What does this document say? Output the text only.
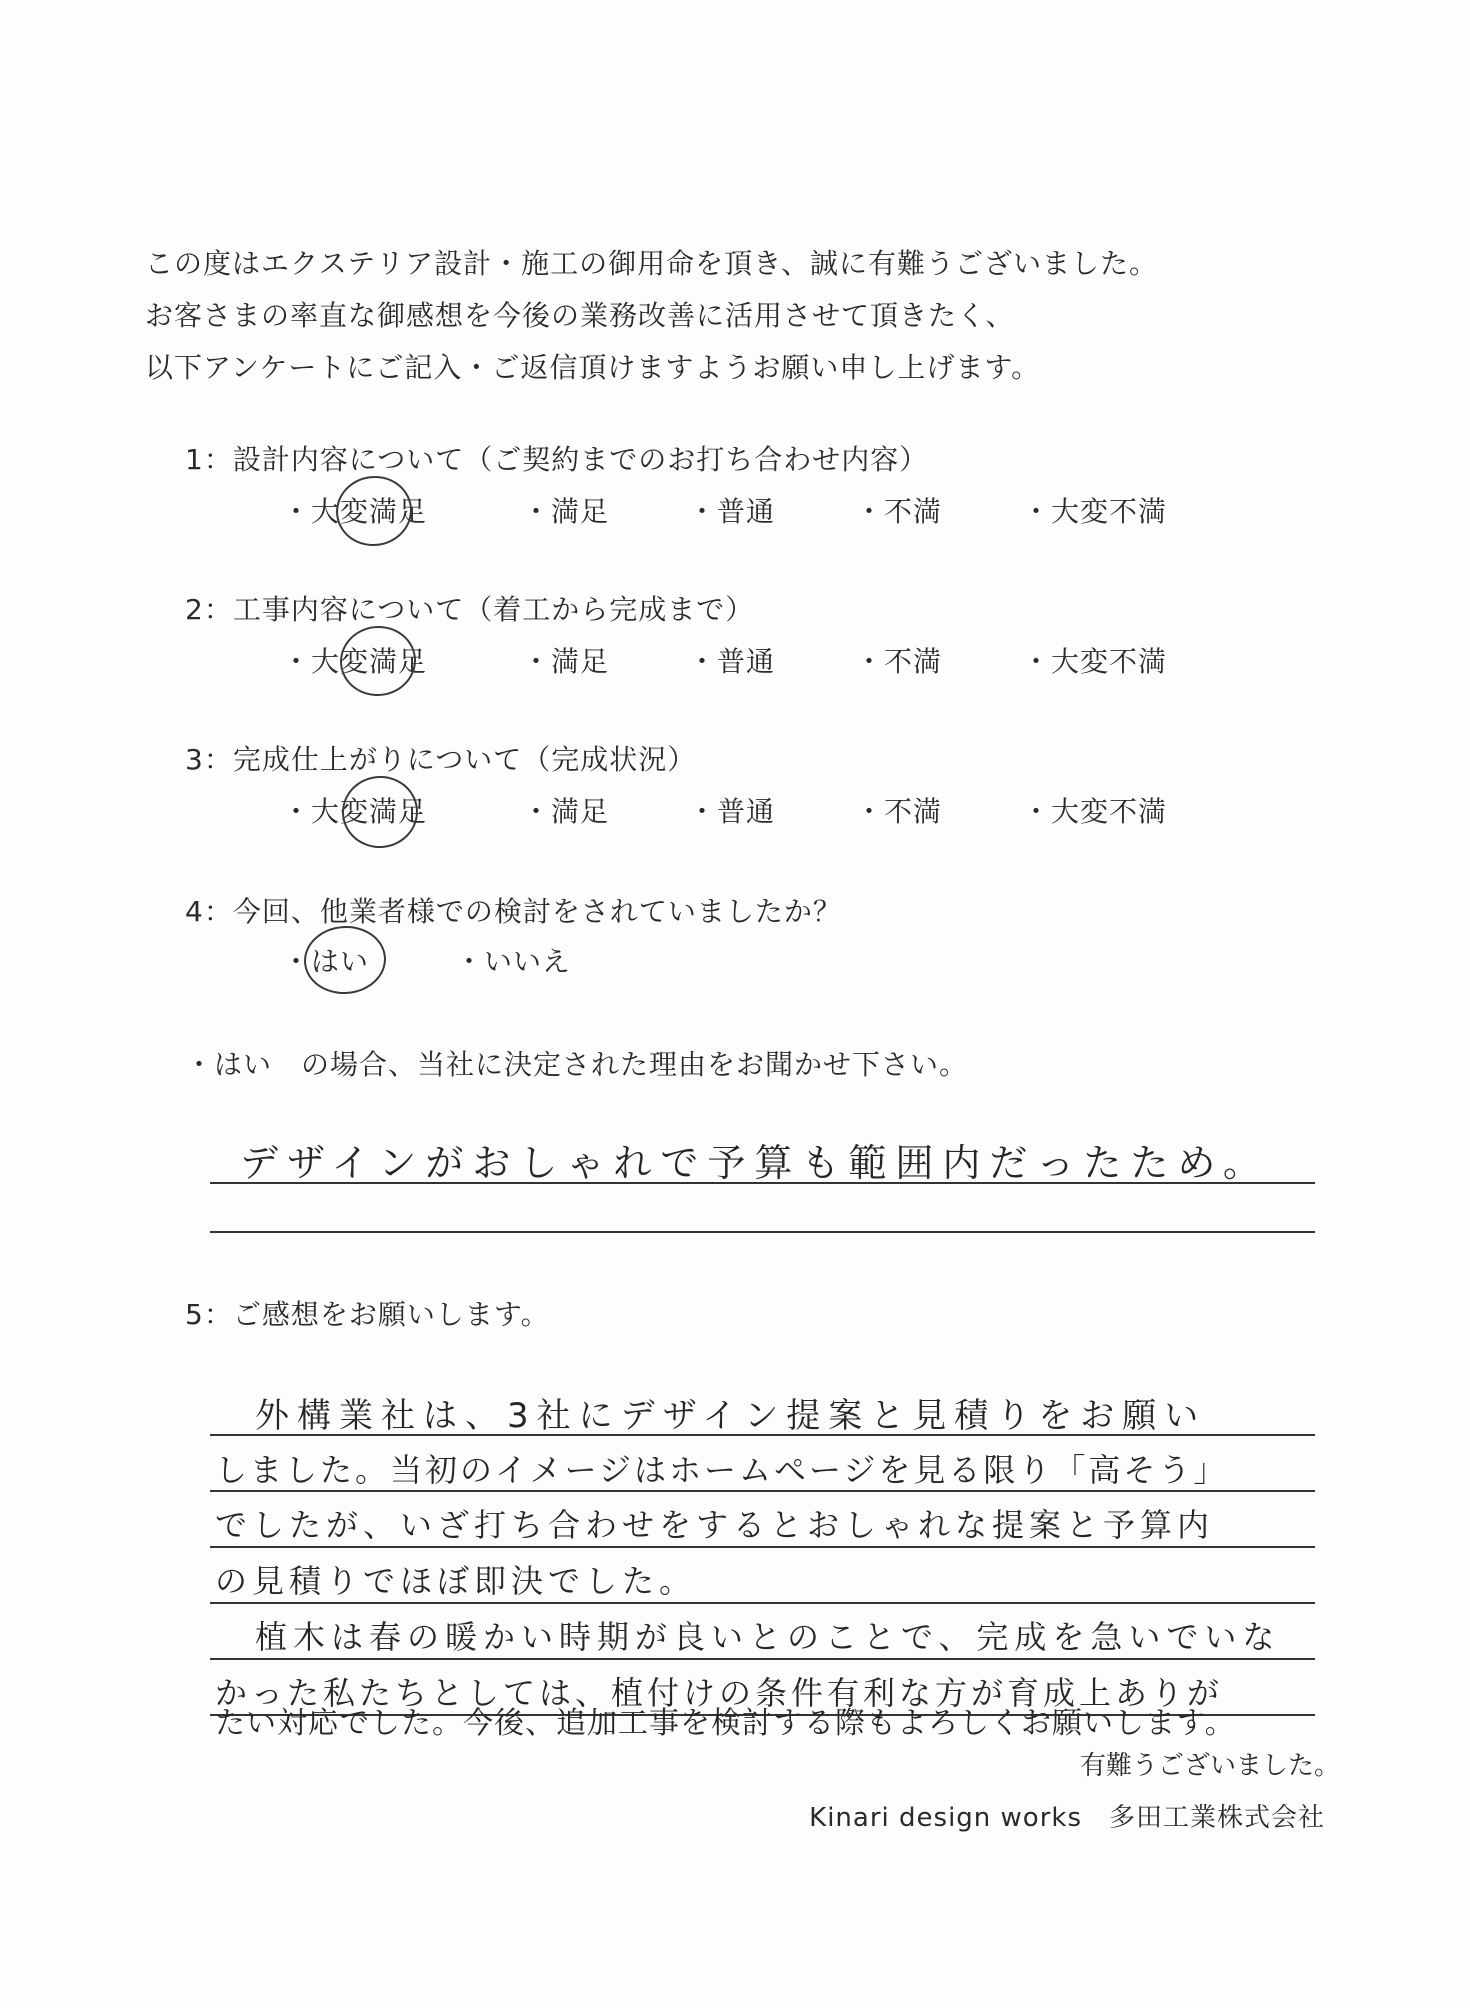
この度はエクステリア設計・施工の御用命を頂き、誠に有難うございました。
お客さまの率直な御感想を今後の業務改善に活用させて頂きたく、
以下アンケートにご記入・ご返信頂けますようお願い申し上げます。
1：設計内容について（ご契約までのお打ち合わせ内容）
・大変満足	・満足	・普通	・不満	・大変不満
2：工事内容について（着工から完成まで）
・大変満足	・満足	・普通	・不満	・大変不満
3：完成仕上がりについて（完成状況）
・大変満足	・満足	・普通	・不満	・大変不満
4：今回、他業者様での検討をされていましたか？
・はい	・いいえ
・はい　の場合、当社に決定された理由をお聞かせ下さい。
デザインがおしゃれで予算も範囲内だったため。
5：ご感想をお願いします。
外構業社は、3社にデザイン提案と見積りをお願い
しました。当初のイメージはホームページを見る限り「高そう」
でしたが、いざ打ち合わせをするとおしゃれな提案と予算内
の見積りでほぼ即決でした。
植木は春の暖かい時期が良いとのことで、完成を急いでいな
かった私たちとしては、植付けの条件有利な方が育成上ありが
たい対応でした。今後、追加工事を検討する際もよろしくお願いします。
有難うございました。
Kinari design works　多田工業株式会社
